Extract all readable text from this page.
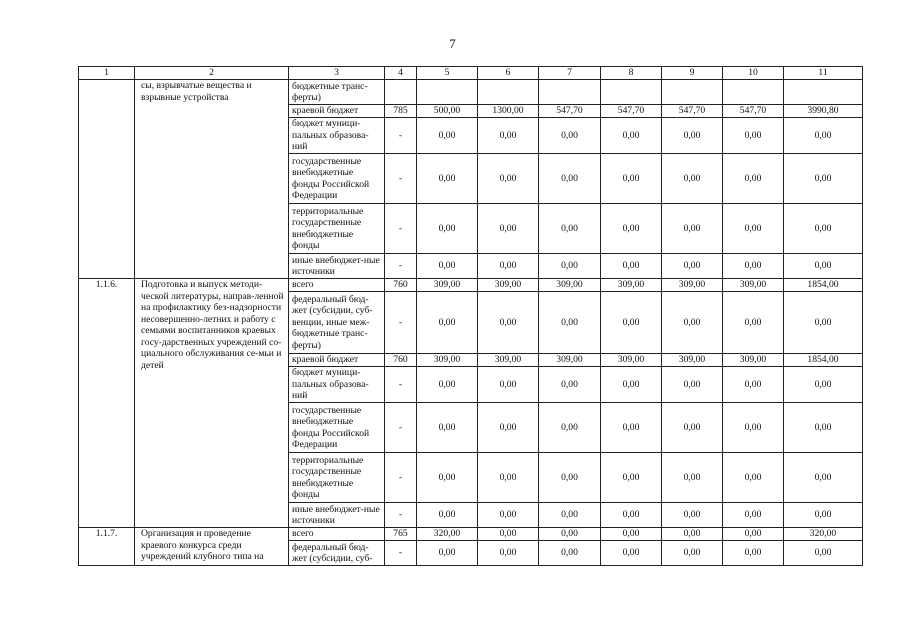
7
1	2	3	4	5	6	7	8	9	10	11
	сы, взрывчатые вещества и взрывные устройства	бюджетные транс-ферты)								
		краевой бюджет	785	500,00	1300,00	547,70	547,70	547,70	547,70	3990,80
		бюджет муници-пальных образова-ний	-	0,00	0,00	0,00	0,00	0,00	0,00	0,00
		государственные внебюджетные фонды Российской Федерации	-	0,00	0,00	0,00	0,00	0,00	0,00	0,00
		территориальные государственные внебюджетные фонды	-	0,00	0,00	0,00	0,00	0,00	0,00	0,00
		иные внебюджет-ные источники	-	0,00	0,00	0,00	0,00	0,00	0,00	0,00
1.1.6.	Подготовка и выпуск методи-ческой литературы, направ-ленной на профилактику без-надзорности несовершенно-летних и работу с семьями воспитанников краевых госу-дарственных учреждений со-циального обслуживания се-мьи и детей	всего	760	309,00	309,00	309,00	309,00	309,00	309,00	1854,00
		федеральный бюд-жет (субсидии, суб-венции, иные меж-бюджетные транс-ферты)	-	0,00	0,00	0,00	0,00	0,00	0,00	0,00
		краевой бюджет	760	309,00	309,00	309,00	309,00	309,00	309,00	1854,00
		бюджет муници-пальных образова-ний	-	0,00	0,00	0,00	0,00	0,00	0,00	0,00
		государственные внебюджетные фонды Российской Федерации	-	0,00	0,00	0,00	0,00	0,00	0,00	0,00
		территориальные государственные внебюджетные фонды	-	0,00	0,00	0,00	0,00	0,00	0,00	0,00
		иные внебюджет-ные источники	-	0,00	0,00	0,00	0,00	0,00	0,00	0,00
1.1.7.	Организация и проведение краевого конкурса среди учреждений клубного типа на	всего	765	320,00	0,00	0,00	0,00	0,00	0,00	320,00
		федеральный бюд-жет (субсидии, суб-	-	0,00	0,00	0,00	0,00	0,00	0,00	0,00
